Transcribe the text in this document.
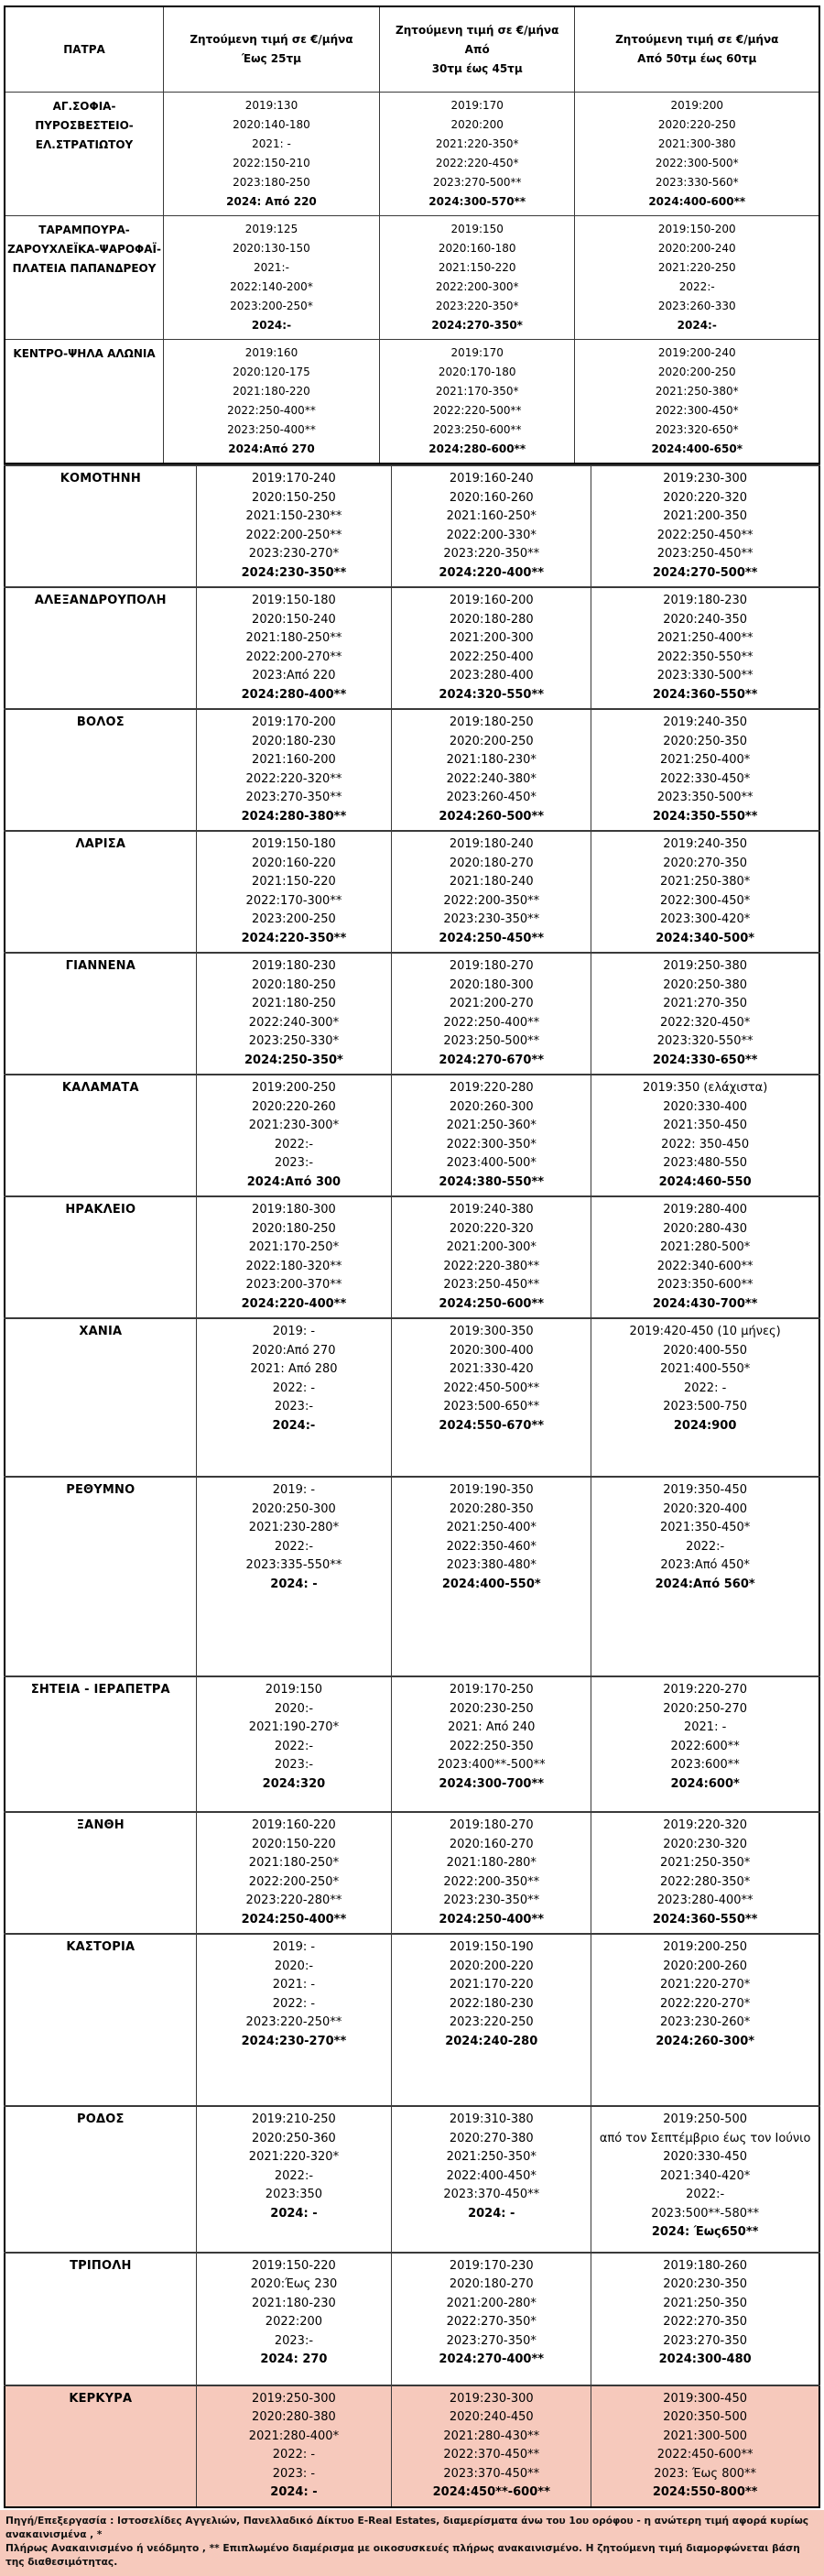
ΠΑΤΡΑ	
Ζητούμενη τιμή σε €/μήνα
Έως 25τμ

Ζητούμενη τιμή σε €/μήνα Από
30τμ έως 45τμ

Ζητούμενη τιμή σε €/μήνα
Από 50τμ έως 60τμ

ΑΓ.ΣΟΦΙΑ-
ΠΥΡΟΣΒΕΣΤΕΙΟ-
ΕΛ.ΣΤΡΑΤΙΩΤΟΥ

2019:130
2020:140-180
2021: -
2022:150-210
2023:180-250
2024: Από 220

2019:170
2020:200
2021:220-350*
2022:220-450*
2023:270-500**
2024:300-570**

2019:200
2020:220-250
2021:300-380
2022:300-500*
2023:330-560*
2024:400-600**

ΤΑΡΑΜΠΟΥΡΑ-
ΖΑΡΟΥΧΛΕΪΚΑ-ΨΑΡΟΦΑΪ-
ΠΛΑΤΕΙΑ ΠΑΠΑΝΔΡΕΟΥ

2019:125
2020:130-150
2021:-
2022:140-200*
2023:200-250*
2024:-

2019:150
2020:160-180
2021:150-220
2022:200-300*
2023:220-350*
2024:270-350*

2019:150-200
2020:200-240
2021:220-250
2022:-
2023:260-330
2024:-

ΚΕΝΤΡΟ-ΨΗΛΑ ΑΛΩΝΙΑ	2019:160
2020:120-175
2021:180-220
2022:250-400**
2023:250-400**
2024:Από 270

2019:170
2020:170-180
2021:170-350*
2022:220-500**
2023:250-600**
2024:280-600**

2019:200-240
2020:200-250
2021:250-380*
2022:300-450*
2023:320-650*
2024:400-650*
ΚΟΜΟΤΗΝΗ	2019:170-240
2020:150-250
2021:150-230**
2022:200-250**
2023:230-270*
2024:230-350**

2019:160-240
2020:160-260
2021:160-250*
2022:200-330*
2023:220-350**
2024:220-400**

2019:230-300
2020:220-320
2021:200-350
2022:250-450**
2023:250-450**
2024:270-500**

ΑΛΕΞΑΝΔΡΟΥΠΟΛΗ	2019:150-180
2020:150-240
2021:180-250**
2022:200-270**
2023:Από 220
2024:280-400**

2019:160-200
2020:180-280
2021:200-300
2022:250-400
2023:280-400
2024:320-550**

2019:180-230
2020:240-350
2021:250-400**
2022:350-550**
2023:330-500**
2024:360-550**

ΒΟΛΟΣ	2019:170-200
2020:180-230
2021:160-200
2022:220-320**
2023:270-350**
2024:280-380**

2019:180-250
2020:200-250
2021:180-230*
2022:240-380*
2023:260-450*
2024:260-500**

2019:240-350
2020:250-350
2021:250-400*
2022:330-450*
2023:350-500**
2024:350-550**

ΛΑΡΙΣΑ	2019:150-180
2020:160-220
2021:150-220
2022:170-300**
2023:200-250
2024:220-350**

2019:180-240
2020:180-270
2021:180-240
2022:200-350**
2023:230-350**
2024:250-450**

2019:240-350
2020:270-350
2021:250-380*
2022:300-450*
2023:300-420*
2024:340-500*

ΓΙΑΝΝΕΝΑ	2019:180-230
2020:180-250
2021:180-250
2022:240-300*
2023:250-330*
2024:250-350*

2019:180-270
2020:180-300
2021:200-270
2022:250-400**
2023:250-500**
2024:270-670**

2019:250-380
2020:250-380
2021:270-350
2022:320-450*
2023:320-550**
2024:330-650**

ΚΑΛΑΜΑΤΑ	2019:200-250
2020:220-260
2021:230-300*
2022:-
2023:-
2024:Από 300

2019:220-280
2020:260-300
2021:250-360*
2022:300-350*
2023:400-500*
2024:380-550**

2019:350 (ελάχιστα)
2020:330-400
2021:350-450
2022: 350-450
2023:480-550
2024:460-550

ΗΡΑΚΛΕΙΟ	2019:180-300
2020:180-250
2021:170-250*
2022:180-320**
2023:200-370**
2024:220-400**

2019:240-380
2020:220-320
2021:200-300*
2022:220-380**
2023:250-450**
2024:250-600**

2019:280-400
2020:280-430
2021:280-500*
2022:340-600**
2023:350-600**
2024:430-700**

ΧΑΝΙΑ	2019: -
2020:Από 270
2021: Από 280
2022: -
2023:-
2024:-

2019:300-350
2020:300-400
2021:330-420
2022:450-500**
2023:500-650**
2024:550-670**

2019:420-450 (10 μήνες)
2020:400-550
2021:400-550*
2022: -
2023:500-750
2024:900

ΡΕΘΥΜΝΟ	2019: -
2020:250-300
2021:230-280*
2022:-
2023:335-550**
2024: -

2019:190-350
2020:280-350
2021:250-400*
2022:350-460*
2023:380-480*
2024:400-550*

2019:350-450
2020:320-400
2021:350-450*
2022:-
2023:Από 450*
2024:Από 560*

ΣΗΤΕΙΑ - ΙΕΡΑΠΕΤΡΑ	2019:150
2020:-
2021:190-270*
2022:-
2023:-
2024:320

2019:170-250
2020:230-250
2021: Από 240
2022:250-350
2023:400**-500**
2024:300-700**

2019:220-270
2020:250-270
2021: -
2022:600**
2023:600**
2024:600*

ΞΑΝΘΗ	2019:160-220
2020:150-220
2021:180-250*
2022:200-250*
2023:220-280**
2024:250-400**

2019:180-270
2020:160-270
2021:180-280*
2022:200-350**
2023:230-350**
2024:250-400**

2019:220-320
2020:230-320
2021:250-350*
2022:280-350*
2023:280-400**
2024:360-550**

ΚΑΣΤΟΡΙΑ	2019: -
2020:-
2021: -
2022: -
2023:220-250**
2024:230-270**

2019:150-190
2020:200-220
2021:170-220
2022:180-230
2023:220-250
2024:240-280

2019:200-250
2020:200-260
2021:220-270*
2022:220-270*
2023:230-260*
2024:260-300*

ΡΟΔΟΣ	2019:210-250
2020:250-360
2021:220-320*
2022:-
2023:350
2024: -

2019:310-380
2020:270-380
2021:250-350*
2022:400-450*
2023:370-450**
2024: -

2019:250-500
από τον Σεπτέμβριο έως τον Ιούνιο
2020:330-450
2021:340-420*
2022:-
2023:500**-580**
2024: Έως650**

ΤΡΙΠΟΛΗ	2019:150-220
2020:Έως 230
2021:180-230
2022:200
2023:-
2024: 270

2019:170-230
2020:180-270
2021:200-280*
2022:270-350*
2023:270-350*
2024:270-400**

2019:180-260
2020:230-350
2021:250-350
2022:270-350
2023:270-350
2024:300-480

ΚΕΡΚΥΡΑ	2019:250-300
2020:280-380
2021:280-400*
2022: -
2023: -
2024: -

2019:230-300
2020:240-450
2021:280-430**
2022:370-450**
2023:370-450**
2024:450**-600**

2019:300-450
2020:350-500
2021:300-500
2022:450-600**
2023: Έως 800**
2024:550-800**
Πηγή/Επεξεργασία : Ιστοσελίδες Αγγελιών, Πανελλαδικό Δίκτυο E-Real Estates, διαμερίσματα άνω του 1ου ορόφου - η ανώτερη τιμή αφορά κυρίως ανακαινισμένα , *
Πλήρως Ανακαινισμένο ή νεόδμητο , ** Επιπλωμένο διαμέρισμα με οικοσυσκευές πλήρως ανακαινισμένο. Η ζητούμενη τιμή διαμορφώνεται βάση της διαθεσιμότητας.
